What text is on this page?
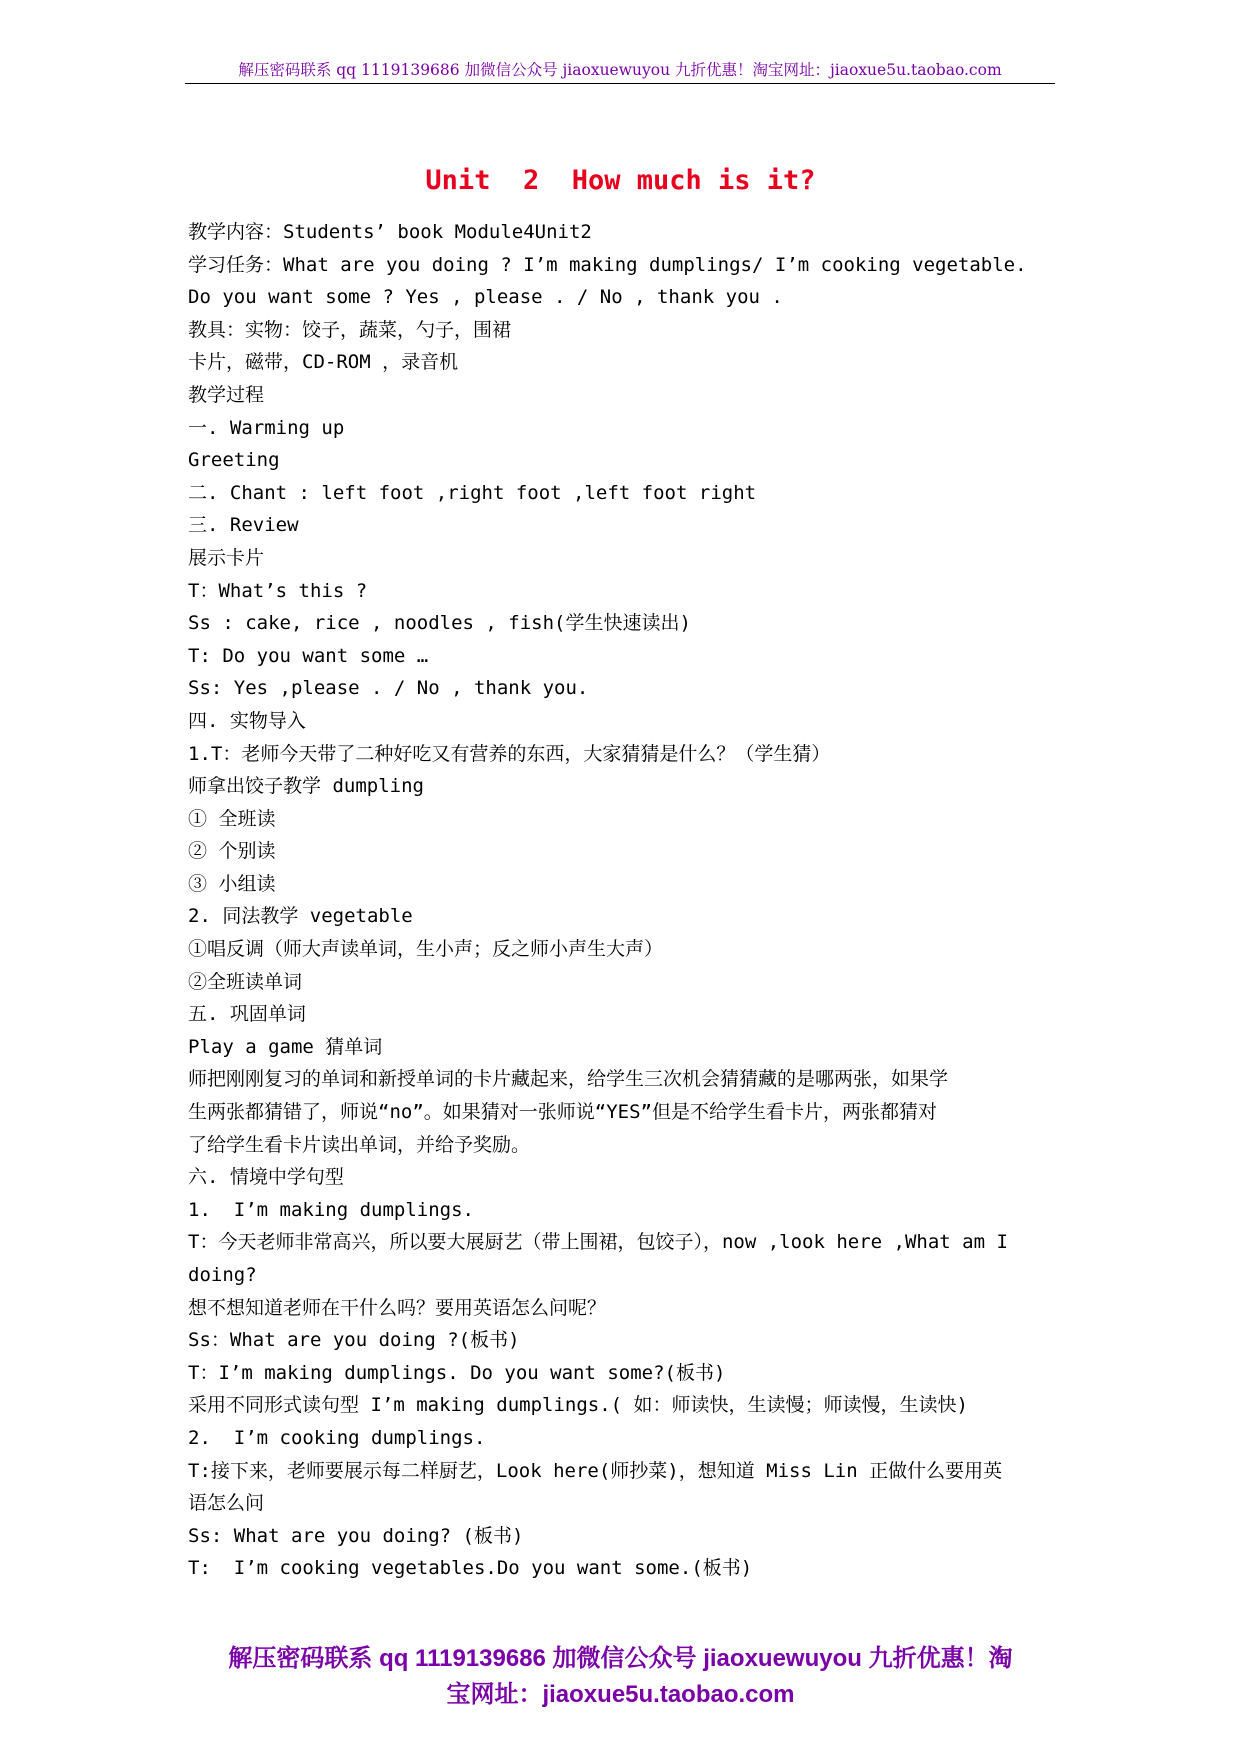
解压密码联系 qq 1119139686 加微信公众号 jiaoxuewuyou 九折优惠！淘宝网址：jiaoxue5u.taobao.com
Unit  2  How much is it?
教学内容：Students’ book Module4Unit2
学习任务：What are you doing ? I’m making dumplings/ I’m cooking vegetable.
Do you want some ? Yes , please . / No , thank you .
教具：实物：饺子，蔬菜，勺子，围裙
卡片，磁带，CD-ROM ，录音机
教学过程
一. Warming up
Greeting
二. Chant : left foot ,right foot ,left foot right
三. Review
展示卡片
T：What’s this ?
Ss : cake, rice , noodles , fish(学生快速读出)
T: Do you want some …
Ss: Yes ,please . / No , thank you.
四. 实物导入
1.T：老师今天带了二种好吃又有营养的东西，大家猜猜是什么？（学生猜）
师拿出饺子教学 dumpling
① 全班读
② 个别读
③ 小组读
2. 同法教学 vegetable
①唱反调（师大声读单词，生小声；反之师小声生大声）
②全班读单词
五. 巩固单词
Play a game 猜单词
师把刚刚复习的单词和新授单词的卡片藏起来，给学生三次机会猜猜藏的是哪两张，如果学
生两张都猜错了，师说“no”。如果猜对一张师说“YES”但是不给学生看卡片，两张都猜对
了给学生看卡片读出单词，并给予奖励。
六. 情境中学句型
1.  I’m making dumplings.
T：今天老师非常高兴，所以要大展厨艺（带上围裙，包饺子），now ,look here ,What am I
doing?
想不想知道老师在干什么吗？要用英语怎么问呢？
Ss：What are you doing ?(板书)
T：I’m making dumplings. Do you want some?(板书)
采用不同形式读句型 I’m making dumplings.( 如：师读快，生读慢；师读慢，生读快)
2.  I’m cooking dumplings.
T:接下来，老师要展示每二样厨艺，Look here(师抄菜)，想知道 Miss Lin 正做什么要用英
语怎么问
Ss: What are you doing? (板书)
T:  I’m cooking vegetables.Do you want some.(板书)
解压密码联系 qq 1119139686 加微信公众号 jiaoxuewuyou 九折优惠！淘
宝网址：jiaoxue5u.taobao.com
